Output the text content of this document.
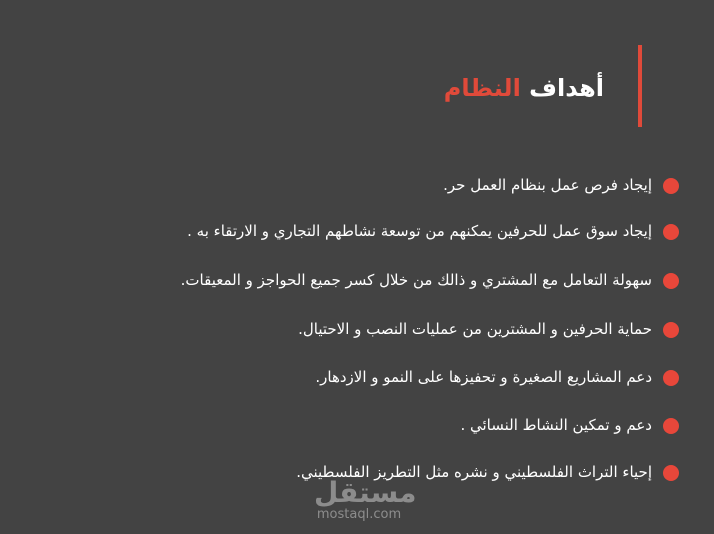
أهداف النظام
إيجاد فرص عمل بنظام العمل حر.
إيجاد سوق عمل للحرفين يمكنهم من توسعة نشاطهم التجاري و الارتقاء به .
سهولة التعامل مع المشتري و ذالك من خلال كسر جميع الحواجز و المعيقات.
حماية الحرفين و المشترين من عمليات النصب و الاحتيال.
دعم المشاريع الصغيرة و تحفيزها على النمو و الازدهار.
دعم و تمكين النشاط النسائي .
إحياء التراث الفلسطيني و نشره مثل التطريز الفلسطيني.
مستقل
mostaql.com
